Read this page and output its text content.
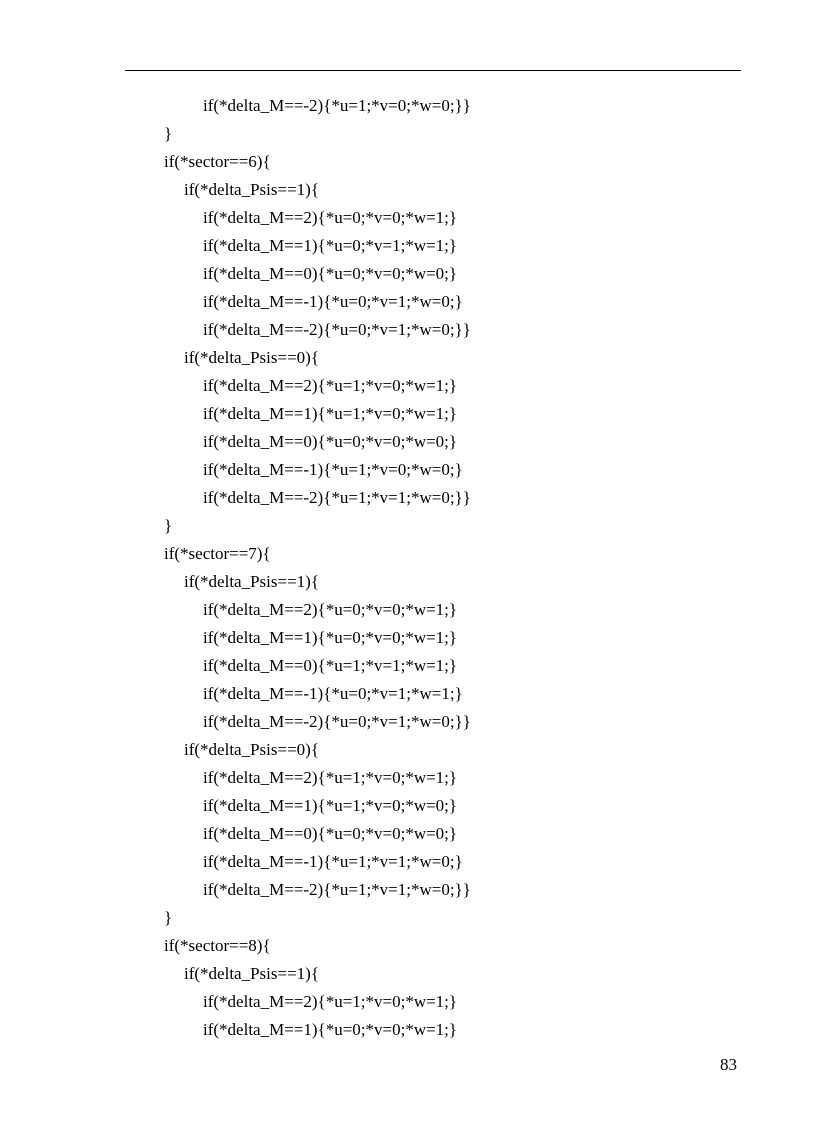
if(*delta_M==-2){*u=1;*v=0;*w=0;}}
}
if(*sector==6){
if(*delta_Psis==1){
if(*delta_M==2){*u=0;*v=0;*w=1;}
if(*delta_M==1){*u=0;*v=1;*w=1;}
if(*delta_M==0){*u=0;*v=0;*w=0;}
if(*delta_M==-1){*u=0;*v=1;*w=0;}
if(*delta_M==-2){*u=0;*v=1;*w=0;}}
if(*delta_Psis==0){
if(*delta_M==2){*u=1;*v=0;*w=1;}
if(*delta_M==1){*u=1;*v=0;*w=1;}
if(*delta_M==0){*u=0;*v=0;*w=0;}
if(*delta_M==-1){*u=1;*v=0;*w=0;}
if(*delta_M==-2){*u=1;*v=1;*w=0;}}
}
if(*sector==7){
if(*delta_Psis==1){
if(*delta_M==2){*u=0;*v=0;*w=1;}
if(*delta_M==1){*u=0;*v=0;*w=1;}
if(*delta_M==0){*u=1;*v=1;*w=1;}
if(*delta_M==-1){*u=0;*v=1;*w=1;}
if(*delta_M==-2){*u=0;*v=1;*w=0;}}
if(*delta_Psis==0){
if(*delta_M==2){*u=1;*v=0;*w=1;}
if(*delta_M==1){*u=1;*v=0;*w=0;}
if(*delta_M==0){*u=0;*v=0;*w=0;}
if(*delta_M==-1){*u=1;*v=1;*w=0;}
if(*delta_M==-2){*u=1;*v=1;*w=0;}}
}
if(*sector==8){
if(*delta_Psis==1){
if(*delta_M==2){*u=1;*v=0;*w=1;}
if(*delta_M==1){*u=0;*v=0;*w=1;}
83
